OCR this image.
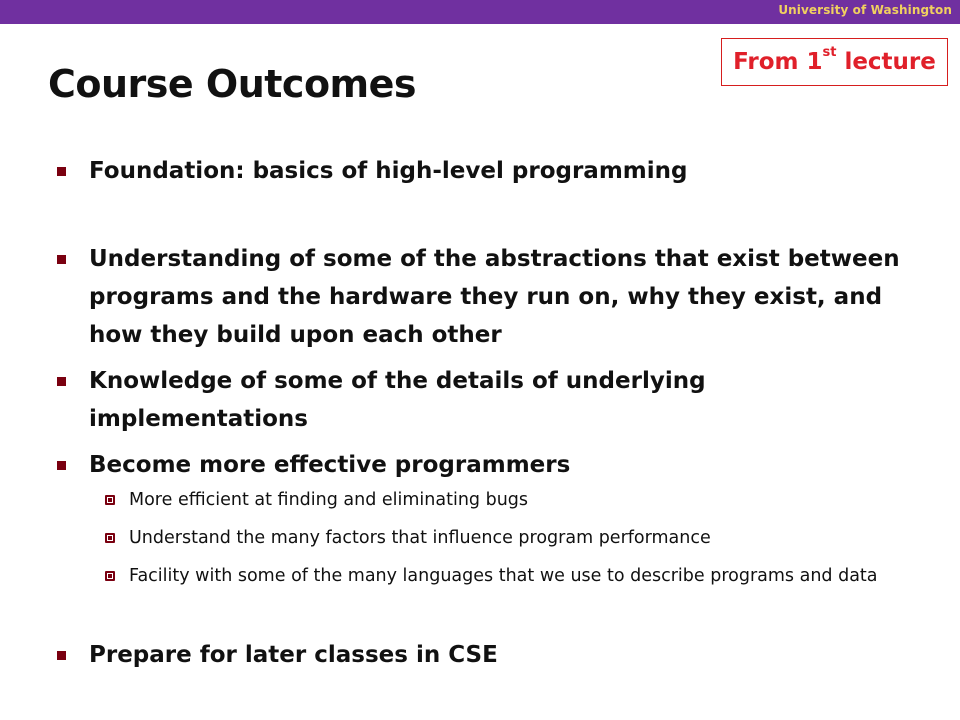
University of Washington
From 1st lecture
Course Outcomes
Foundation: basics of high-level programming
Understanding of some of the abstractions that exist between programs and the hardware they run on, why they exist, and how they build upon each other
Knowledge of some of the details of underlying implementations
Become more effective programmers
More efficient at finding and eliminating bugs
Understand the many factors that influence program performance
Facility with some of the many languages that we use to describe programs and data
Prepare for later classes in CSE
